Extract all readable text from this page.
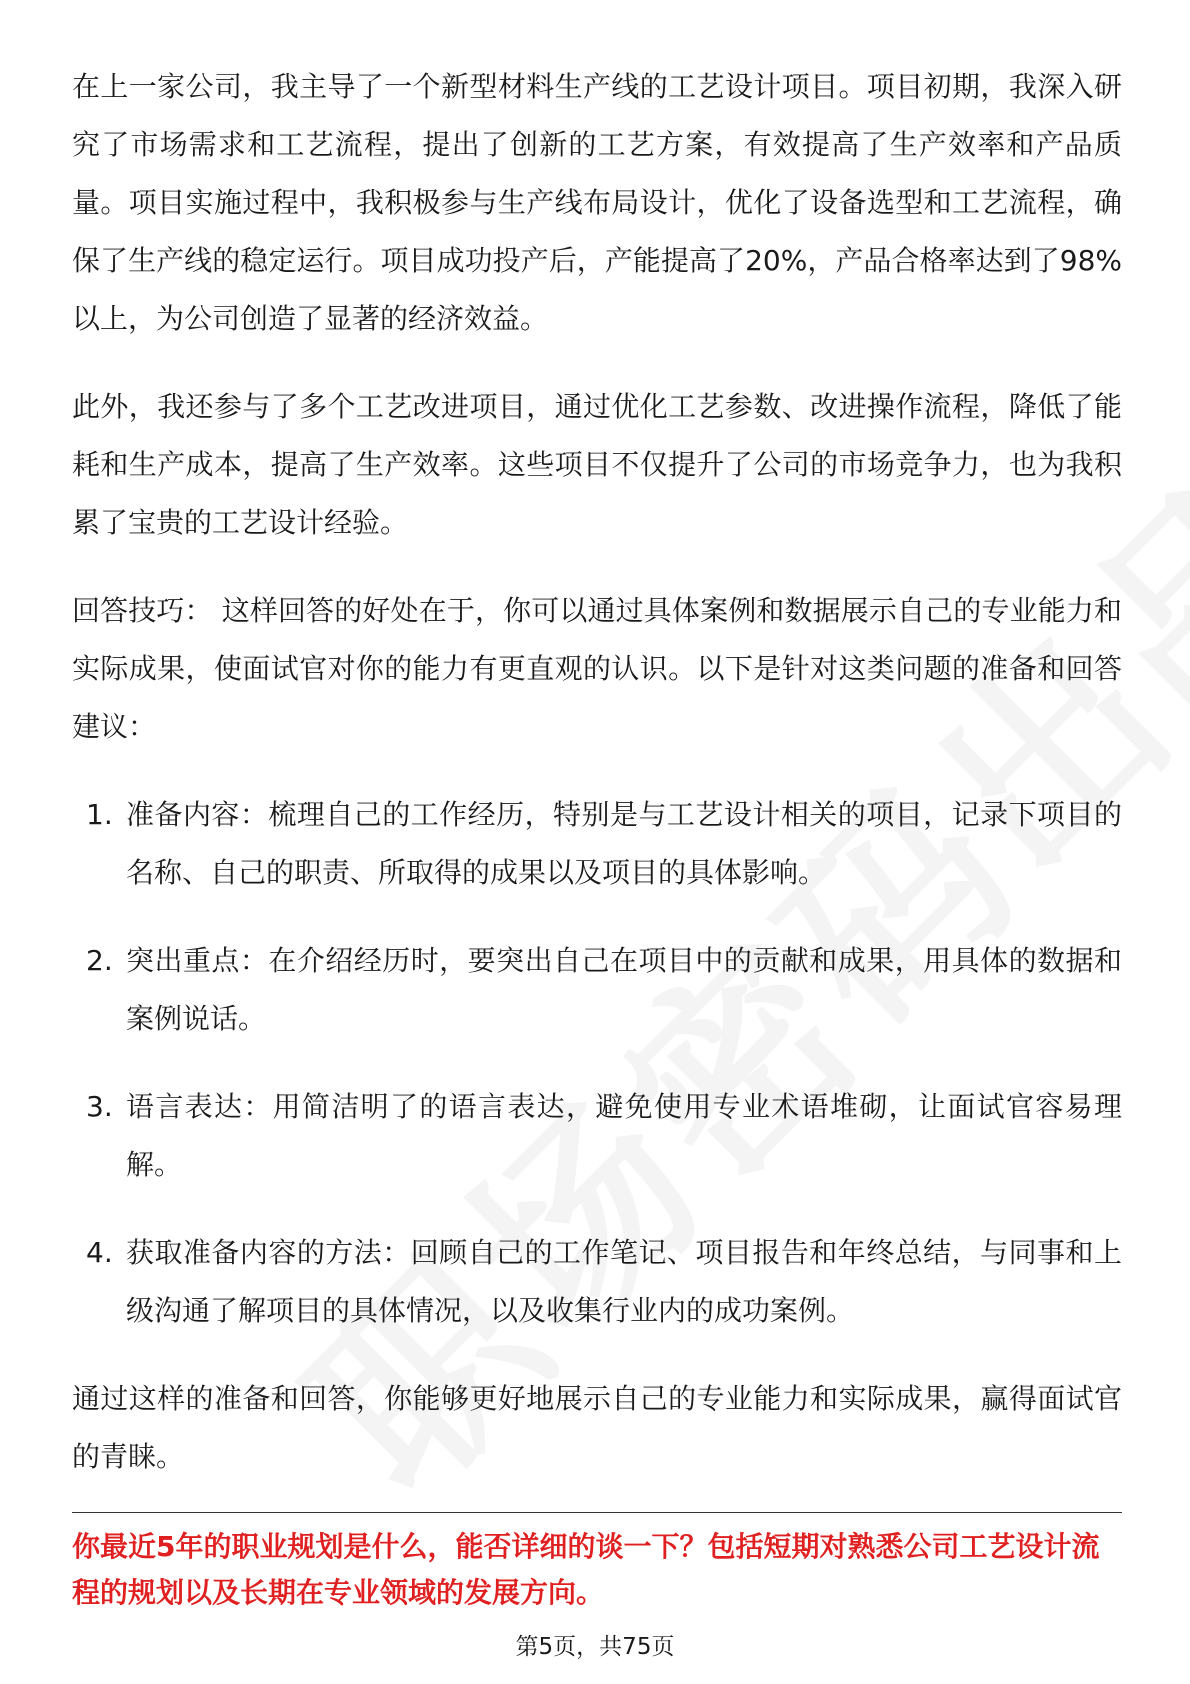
在上一家公司，我主导了一个新型材料生产线的工艺设计项目。项目初期，我深入研究了市场需求和工艺流程，提出了创新的工艺方案，有效提高了生产效率和产品质量。项目实施过程中，我积极参与生产线布局设计，优化了设备选型和工艺流程，确保了生产线的稳定运行。项目成功投产后，产能提高了20%，产品合格率达到了98%以上，为公司创造了显著的经济效益。

此外，我还参与了多个工艺改进项目，通过优化工艺参数、改进操作流程，降低了能耗和生产成本，提高了生产效率。这些项目不仅提升了公司的市场竞争力，也为我积累了宝贵的工艺设计经验。

回答技巧： 这样回答的好处在于，你可以通过具体案例和数据展示自己的专业能力和实际成果，使面试官对你的能力有更直观的认识。以下是针对这类问题的准备和回答建议：

1. 准备内容：梳理自己的工作经历，特别是与工艺设计相关的项目，记录下项目的名称、自己的职责、所取得的成果以及项目的具体影响。
2. 突出重点：在介绍经历时，要突出自己在项目中的贡献和成果，用具体的数据和案例说话。
3. 语言表达：用简洁明了的语言表达，避免使用专业术语堆砌，让面试官容易理解。
4. 获取准备内容的方法：回顾自己的工作笔记、项目报告和年终总结，与同事和上级沟通了解项目的具体情况，以及收集行业内的成功案例。

通过这样的准备和回答，你能够更好地展示自己的专业能力和实际成果，赢得面试官的青睐。

你最近5年的职业规划是什么，能否详细的谈一下？包括短期对熟悉公司工艺设计流程的规划以及长期在专业领域的发展方向。

第5页，共75页
